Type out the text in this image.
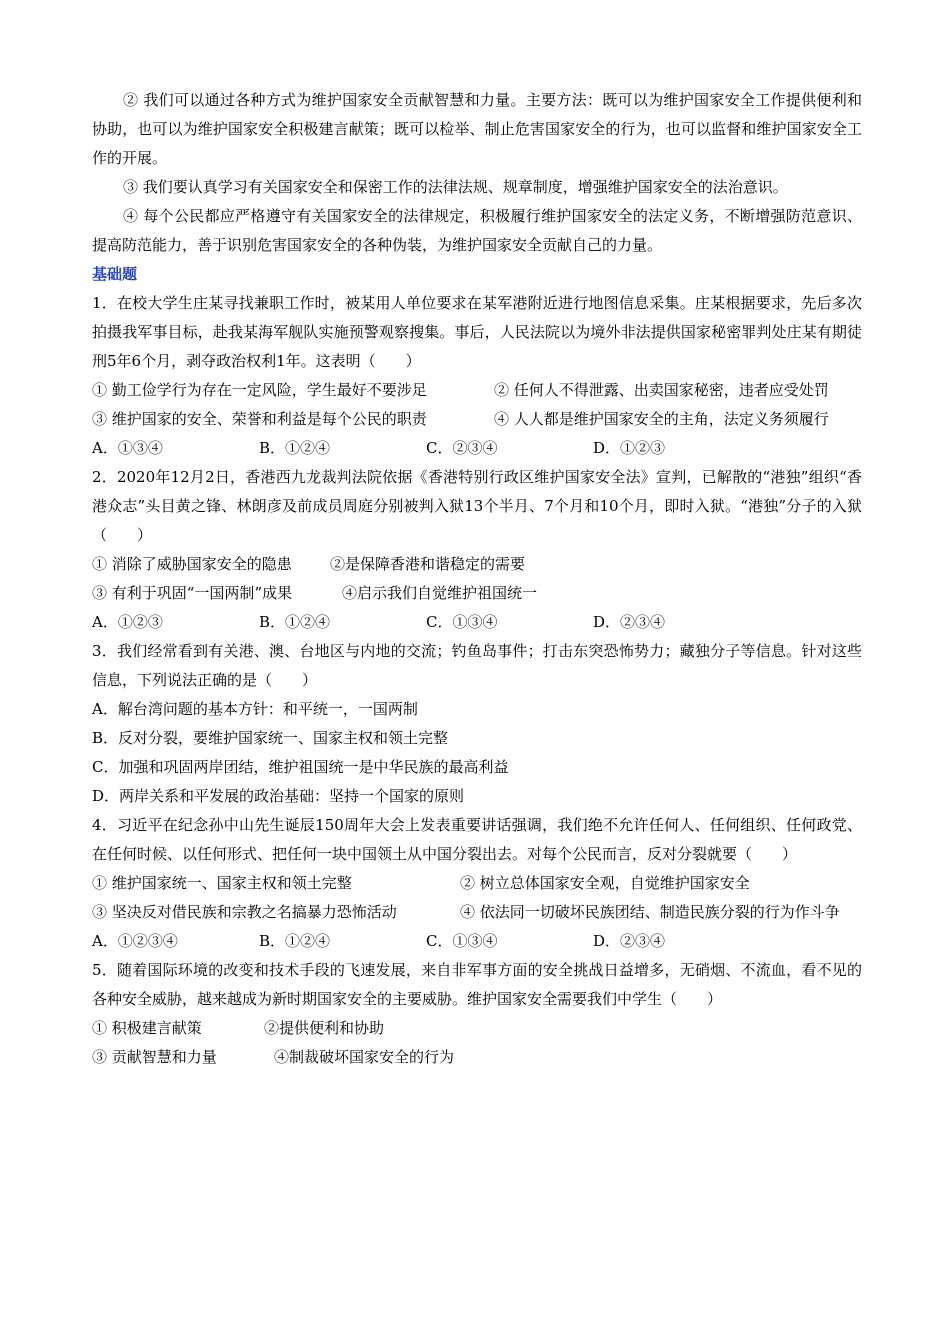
② 我们可以通过各种方式为维护国家安全贡献智慧和力量。主要方法：既可以为维护国家安全工作提供便利和协助，也可以为维护国家安全积极建言献策；既可以检举、制止危害国家安全的行为，也可以监督和维护国家安全工作的开展。

③ 我们要认真学习有关国家安全和保密工作的法律法规、规章制度，增强维护国家安全的法治意识。

④ 每个公民都应严格遵守有关国家安全的法律规定，积极履行维护国家安全的法定义务，不断增强防范意识、提高防范能力，善于识别危害国家安全的各种伪装，为维护国家安全贡献自己的力量。

基础题

1．在校大学生庄某寻找兼职工作时，被某用人单位要求在某军港附近进行地图信息采集。庄某根据要求，先后多次拍摄我军事目标，赴我某海军舰队实施预警观察搜集。事后，人民法院以为境外非法提供国家秘密罪判处庄某有期徒刑5年6个月，剥夺政治权利1年。这表明（　　）

① 勤工俭学行为存在一定风险，学生最好不要涉足	② 任何人不得泄露、出卖国家秘密，违者应受处罚
③ 维护国家的安全、荣誉和利益是每个公民的职责	④ 人人都是维护国家安全的主角，法定义务须履行
A．①③④	B．①②④	C．②③④	D．①②③

2．2020年12月2日，香港西九龙裁判法院依据《香港特别行政区维护国家安全法》宣判，已解散的“港独”组织“香港众志”头目黄之锋、林朗彦及前成员周庭分别被判入狱13个半月、7个月和10个月，即时入狱。“港独”分子的入狱（　　）

① 消除了威胁国家安全的隐患	②是保障香港和谐稳定的需要
③ 有利于巩固“一国两制”成果	④启示我们自觉维护祖国统一
A．①②③	B．①②④	C．①③④	D．②③④

3．我们经常看到有关港、澳、台地区与内地的交流；钓鱼岛事件；打击东突恐怖势力；藏独分子等信息。针对这些信息，下列说法正确的是（　　）

A．解台湾问题的基本方针：和平统一，一国两制

B．反对分裂，要维护国家统一、国家主权和领土完整

C．加强和巩固两岸团结，维护祖国统一是中华民族的最高利益

D．两岸关系和平发展的政治基础：坚持一个国家的原则

4．习近平在纪念孙中山先生诞辰150周年大会上发表重要讲话强调，我们绝不允许任何人、任何组织、任何政党、在任何时候、以任何形式、把任何一块中国领土从中国分裂出去。对每个公民而言，反对分裂就要（　　）

① 维护国家统一、国家主权和领土完整	② 树立总体国家安全观，自觉维护国家安全
③ 坚决反对借民族和宗教之名搞暴力恐怖活动	④ 依法同一切破坏民族团结、制造民族分裂的行为作斗争
A．①②③④	B．①②④	C．①③④	D．②③④

5．随着国际环境的改变和技术手段的飞速发展，来自非军事方面的安全挑战日益增多，无硝烟、不流血，看不见的各种安全威胁，越来越成为新时期国家安全的主要威胁。维护国家安全需要我们中学生（　　）

① 积极建言献策	②提供便利和协助
③ 贡献智慧和力量	④制裁破坏国家安全的行为
